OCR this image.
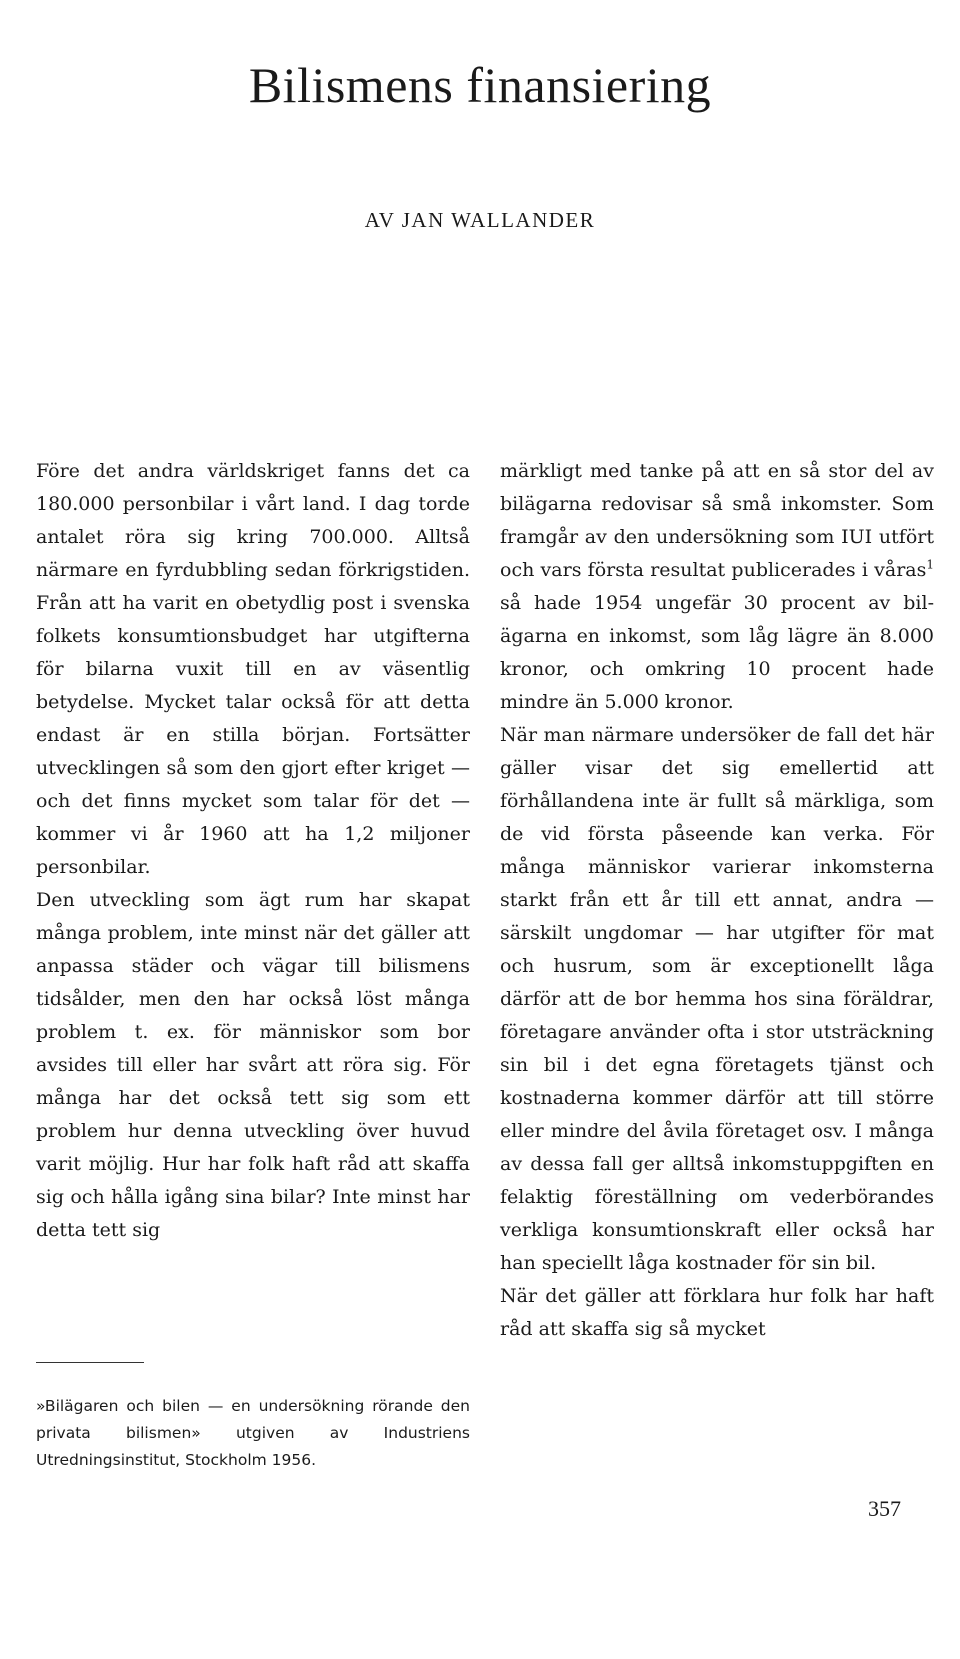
Bilismens finansiering

AV JAN WALLANDER

Före det andra världskriget fanns det ca 180.000 personbilar i vårt land. I dag torde antalet röra sig kring 700.000. Alltså närmare en fyrdubbling sedan förkrigstiden. Från att ha varit en obetydlig post i svenska folkets konsumtionsbudget har utgifterna för bilarna vuxit till en av väsentlig betydelse. Mycket talar också för att detta endast är en stilla början. Fortsätter utvecklingen så som den gjort efter kriget — och det finns mycket som talar för det — kommer vi år 1960 att ha 1,2 miljoner personbilar.

Den utveckling som ägt rum har skapat många problem, inte minst när det gäller att anpassa städer och vägar till bilismens tidsålder, men den har också löst många problem t. ex. för människor som bor avsides till eller har svårt att röra sig. För många har det också tett sig som ett problem hur denna utveckling över huvud varit möjlig. Hur har folk haft råd att skaffa sig och hålla igång sina bilar? Inte minst har detta tett sig

märkligt med tanke på att en så stor del av bilägarna redovisar så små inkomster. Som framgår av den undersökning som IUI utfört och vars första resultat publicerades i våras$^1$ så hade 1954 ungefär 30 procent av bilägarna en inkomst, som låg lägre än 8.000 kronor, och omkring 10 procent hade mindre än 5.000 kronor.

När man närmare undersöker de fall det här gäller visar det sig emellertid att förhållandena inte är fullt så märkliga, som de vid första påseende kan verka. För många människor varierar inkomsterna starkt från ett år till ett annat, andra — särskilt ungdomar — har utgifter för mat och husrum, som är exceptionellt låga därför att de bor hemma hos sina föräldrar, företagare använder ofta i stor utsträckning sin bil i det egna företagets tjänst och kostnaderna kommer därför att till större eller mindre del åvila företaget osv. I många av dessa fall ger alltså inkomstuppgiften en felaktig föreställning om vederbörandes verkliga konsumtionskraft eller också har han speciellt låga kostnader för sin bil.

När det gäller att förklara hur folk har haft råd att skaffa sig så mycket

»Bilägaren och bilen — en undersökning rörande den privata bilismen» utgiven av Industriens Utredningsinstitut, Stockholm 1956.

357
